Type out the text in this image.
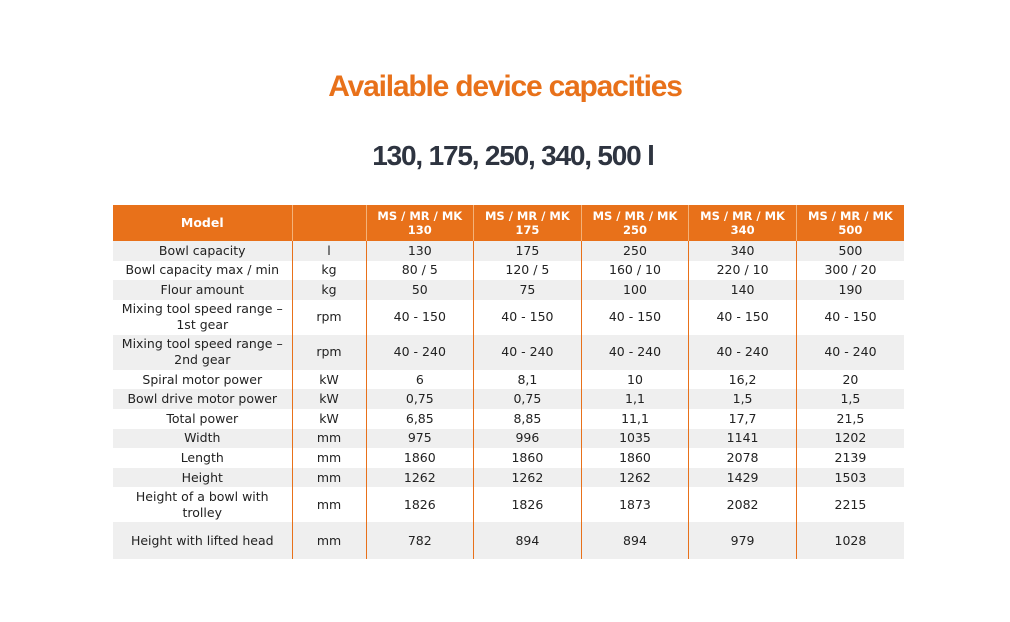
Available device capacities
130, 175, 250, 340, 500 l
Model		MS / MR / MK 130	MS / MR / MK 175	MS / MR / MK 250	MS / MR / MK 340	MS / MR / MK 500
Bowl capacity	l	130	175	250	340	500
Bowl capacity max / min	kg	80 / 5	120 / 5	160 / 10	220 / 10	300 / 20
Flour amount	kg	50	75	100	140	190
Mixing tool speed range – 1st gear	rpm	40 - 150	40 - 150	40 - 150	40 - 150	40 - 150
Mixing tool speed range – 2nd gear	rpm	40 - 240	40 - 240	40 - 240	40 - 240	40 - 240
Spiral motor power	kW	6	8,1	10	16,2	20
Bowl drive motor power	kW	0,75	0,75	1,1	1,5	1,5
Total power	kW	6,85	8,85	11,1	17,7	21,5
Width	mm	975	996	1035	1141	1202
Length	mm	1860	1860	1860	2078	2139
Height	mm	1262	1262	1262	1429	1503
Height of a bowl with trolley	mm	1826	1826	1873	2082	2215
Height with lifted head	mm	782	894	894	979	1028
